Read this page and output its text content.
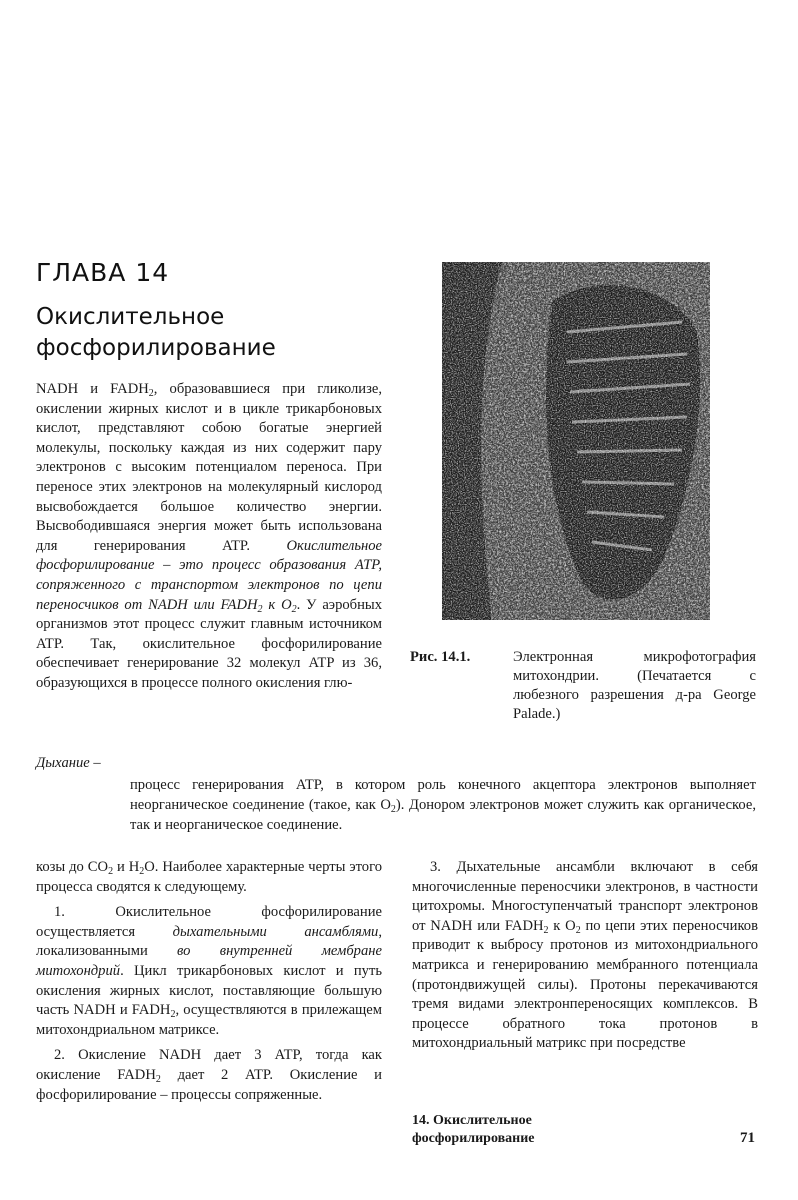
ГЛАВА 14
Окислительное
фосфорилирование

NADH и $FADH_2$, образовавшиеся при гликолизе, окислении жирных кислот и в цикле трикарбоновых кислот, представляют собою богатые энергией молекулы, поскольку каждая из них содержит пару электронов с высоким потенциалом переноса. При переносе этих электронов на молекулярный кислород высвобождается большое количество энергии. Высвободившаяся энергия может быть использована для генерирования ATP. Окислительное фосфорилирование – это процесс образования ATP, сопряженного с транспортом электронов по цепи переносчиков от NADH или $FADH_2$ к $O_2$. У аэробных организмов этот процесс служит главным источником ATP. Так, окислительное фосфорилирование обеспечивает генерирование 32 молекул ATP из 36, образующихся в процессе полного окисления глю-

Рис. 14.1.	Электронная микрофотография митохондрии. (Печатается с любезного разрешения д-ра George Palade.)
Дыхание –
процесс генерирования ATP, в котором роль конечного акцептора электронов выполняет неорганическое соединение (такое, как $O_2$). Донором электронов может служить как органическое, так и неорганическое соединение.

козы до $CO_2$ и $H_2O$. Наиболее характерные черты этого процесса сводятся к следующему.

1. Окислительное фосфорилирование осуществляется дыхательными ансамблями, локализованными во внутренней мембране митохондрий. Цикл трикарбоновых кислот и путь окисления жирных кислот, поставляющие большую часть NADH и $FADH_2$, осуществляются в прилежащем митохондриальном матриксе.

2. Окисление NADH дает 3 ATP, тогда как окисление $FADH_2$ дает 2 ATP. Окисление и фосфорилирование – процессы сопряженные.

3. Дыхательные ансамбли включают в себя многочисленные переносчики электронов, в частности цитохромы. Многоступенчатый транспорт электронов от NADH или $FADH_2$ к $O_2$ по цепи этих переносчиков приводит к выбросу протонов из митохондриального матрикса и генерированию мембранного потенциала (протондвижущей силы). Протоны перекачиваются тремя видами электронпереносящих комплексов. В процессе обратного тока протонов в митохондриальный матрикс при посредстве

14. Окислительное
фосфорилирование	71
